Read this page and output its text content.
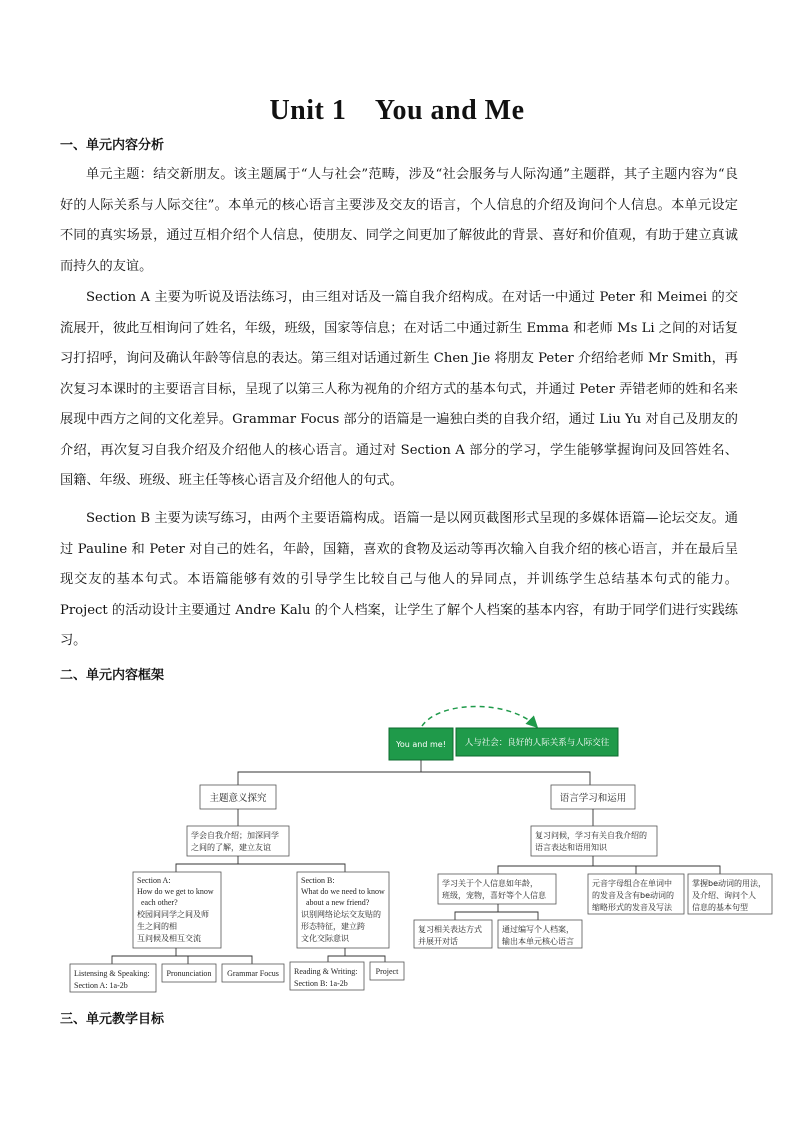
Unit 1　You and Me
一、单元内容分析
单元主题：结交新朋友。该主题属于“人与社会”范畴，涉及“社会服务与人际沟通”主题群，其子主题内容为“良好的人际关系与人际交往”。本单元的核心语言主要涉及交友的语言，个人信息的介绍及询问个人信息。本单元设定不同的真实场景，通过互相介绍个人信息，使朋友、同学之间更加了解彼此的背景、喜好和价值观，有助于建立真诚而持久的友谊。
Section A 主要为听说及语法练习，由三组对话及一篇自我介绍构成。在对话一中通过 Peter 和 Meimei 的交流展开，彼此互相询问了姓名，年级，班级，国家等信息；在对话二中通过新生 Emma 和老师 Ms Li 之间的对话复习打招呼，询问及确认年龄等信息的表达。第三组对话通过新生 Chen Jie 将朋友 Peter 介绍给老师 Mr Smith，再次复习本课时的主要语言目标，呈现了以第三人称为视角的介绍方式的基本句式，并通过 Peter 弄错老师的姓和名来展现中西方之间的文化差异。Grammar Focus 部分的语篇是一遍独白类的自我介绍，通过 Liu Yu 对自己及朋友的介绍，再次复习自我介绍及介绍他人的核心语言。通过对 Section A 部分的学习，学生能够掌握询问及回答姓名、国籍、年级、班级、班主任等核心语言及介绍他人的句式。
Section B 主要为读写练习，由两个主要语篇构成。语篇一是以网页截图形式呈现的多媒体语篇—论坛交友。通过 Pauline 和 Peter 对自己的姓名，年龄，国籍，喜欢的食物及运动等再次输入自我介绍的核心语言，并在最后呈现交友的基本句式。本语篇能够有效的引导学生比较自己与他人的异同点，并训练学生总结基本句式的能力。Project 的活动设计主要通过 Andre Kalu 的个人档案，让学生了解个人档案的基本内容，有助于同学们进行实践练习。
二、单元内容框架
You and me! 人与社会：良好的人际关系与人际交往
主题意义探究	语言学习和运用
学会自我介绍；加深同学
之间的了解，建立友谊
Section A:
How do we get to know
each other?
校园间同学之间及师
生之间的相
互问候及相互交流
Section B:
What do we need to know
about a new friend?
识别网络论坛交友贴的
形态特征，建立跨
文化交际意识
Listensing & Speaking:
Section A: 1a-2b
Pronunciation Grammar Focus Reading & Writing:
Section B: 1a-2b
Project
复习问候，学习有关自我介绍的
语言表达和语用知识
学习关于个人信息如年龄，
班级，宠物，喜好等个人信息
元音字母组合在单词中
的发音及含有be动词的
缩略形式的发音及写法
掌握be动词的用法，
及介绍、询问个人
信息的基本句型
复习相关表达方式
并展开对话
通过编写个人档案，
输出本单元核心语言
三、单元教学目标
